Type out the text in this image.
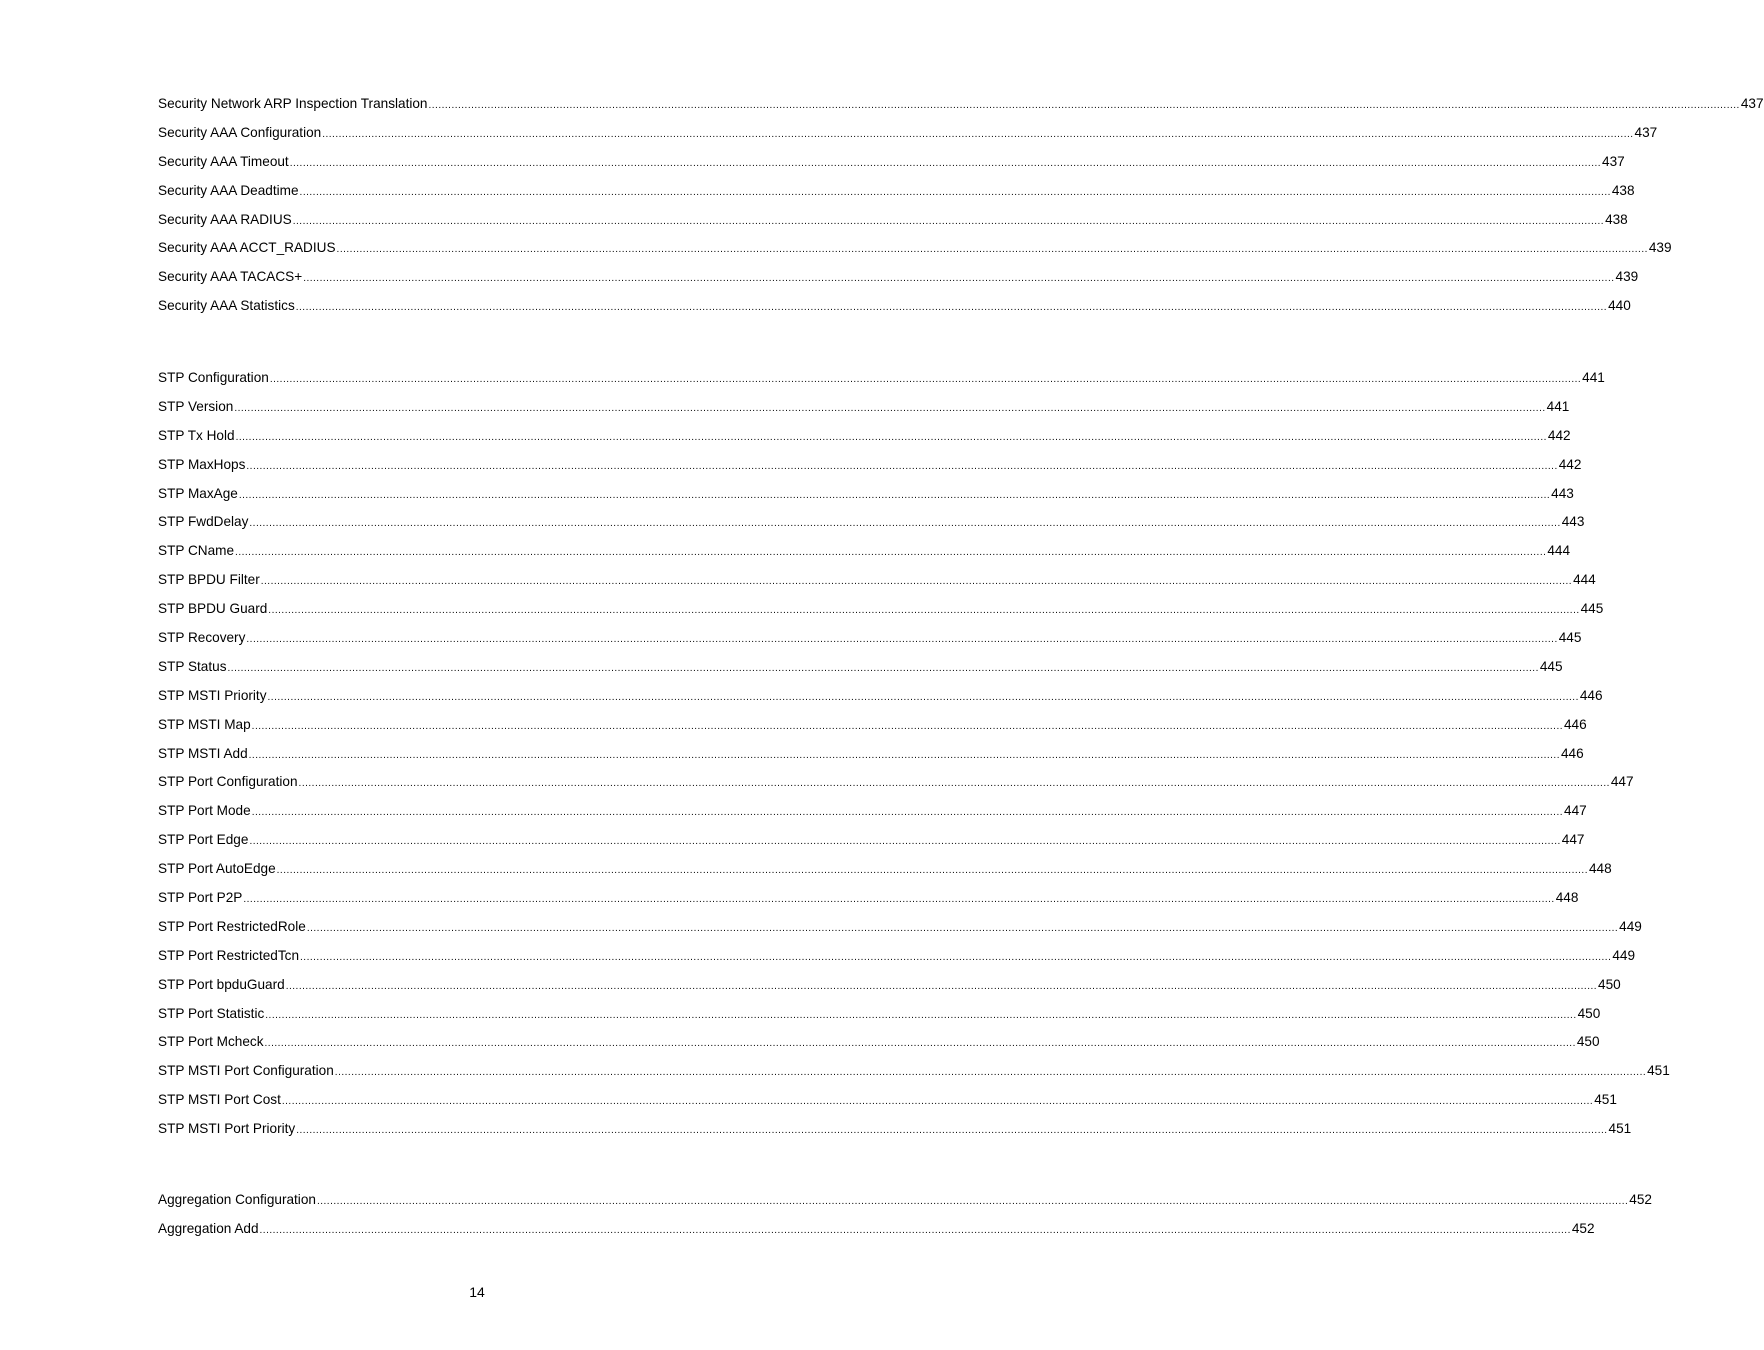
Security Network ARP Inspection Translation ................................................................................................................................................................................................................................................................................................................................................................................................................ 437
Security AAA Configuration ................................................................................................................................................................................................................................................................................................................................................................................................................ 437
Security AAA Timeout ................................................................................................................................................................................................................................................................................................................................................................................................................ 437
Security AAA Deadtime ................................................................................................................................................................................................................................................................................................................................................................................................................ 438
Security AAA RADIUS ................................................................................................................................................................................................................................................................................................................................................................................................................ 438
Security AAA ACCT_RADIUS ................................................................................................................................................................................................................................................................................................................................................................................................................ 439
Security AAA TACACS+ ................................................................................................................................................................................................................................................................................................................................................................................................................ 439
Security AAA Statistics ................................................................................................................................................................................................................................................................................................................................................................................................................ 440
STP Configuration ................................................................................................................................................................................................................................................................................................................................................................................................................ 441
STP Version ................................................................................................................................................................................................................................................................................................................................................................................................................ 441
STP Tx Hold ................................................................................................................................................................................................................................................................................................................................................................................................................ 442
STP MaxHops ................................................................................................................................................................................................................................................................................................................................................................................................................ 442
STP MaxAge ................................................................................................................................................................................................................................................................................................................................................................................................................ 443
STP FwdDelay ................................................................................................................................................................................................................................................................................................................................................................................................................ 443
STP CName ................................................................................................................................................................................................................................................................................................................................................................................................................ 444
STP BPDU Filter ................................................................................................................................................................................................................................................................................................................................................................................................................ 444
STP BPDU Guard ................................................................................................................................................................................................................................................................................................................................................................................................................ 445
STP Recovery ................................................................................................................................................................................................................................................................................................................................................................................................................ 445
STP Status ................................................................................................................................................................................................................................................................................................................................................................................................................ 445
STP MSTI Priority ................................................................................................................................................................................................................................................................................................................................................................................................................ 446
STP MSTI Map ................................................................................................................................................................................................................................................................................................................................................................................................................ 446
STP MSTI Add ................................................................................................................................................................................................................................................................................................................................................................................................................ 446
STP Port Configuration ................................................................................................................................................................................................................................................................................................................................................................................................................ 447
STP Port Mode ................................................................................................................................................................................................................................................................................................................................................................................................................ 447
STP Port Edge ................................................................................................................................................................................................................................................................................................................................................................................................................ 447
STP Port AutoEdge ................................................................................................................................................................................................................................................................................................................................................................................................................ 448
STP Port P2P ................................................................................................................................................................................................................................................................................................................................................................................................................ 448
STP Port RestrictedRole ................................................................................................................................................................................................................................................................................................................................................................................................................ 449
STP Port RestrictedTcn ................................................................................................................................................................................................................................................................................................................................................................................................................ 449
STP Port bpduGuard ................................................................................................................................................................................................................................................................................................................................................................................................................ 450
STP Port Statistic ................................................................................................................................................................................................................................................................................................................................................................................................................ 450
STP Port Mcheck ................................................................................................................................................................................................................................................................................................................................................................................................................ 450
STP MSTI Port Configuration ................................................................................................................................................................................................................................................................................................................................................................................................................ 451
STP MSTI Port Cost ................................................................................................................................................................................................................................................................................................................................................................................................................ 451
STP MSTI Port Priority ................................................................................................................................................................................................................................................................................................................................................................................................................ 451
Aggregation Configuration ................................................................................................................................................................................................................................................................................................................................................................................................................ 452
Aggregation Add ................................................................................................................................................................................................................................................................................................................................................................................................................ 452
14
